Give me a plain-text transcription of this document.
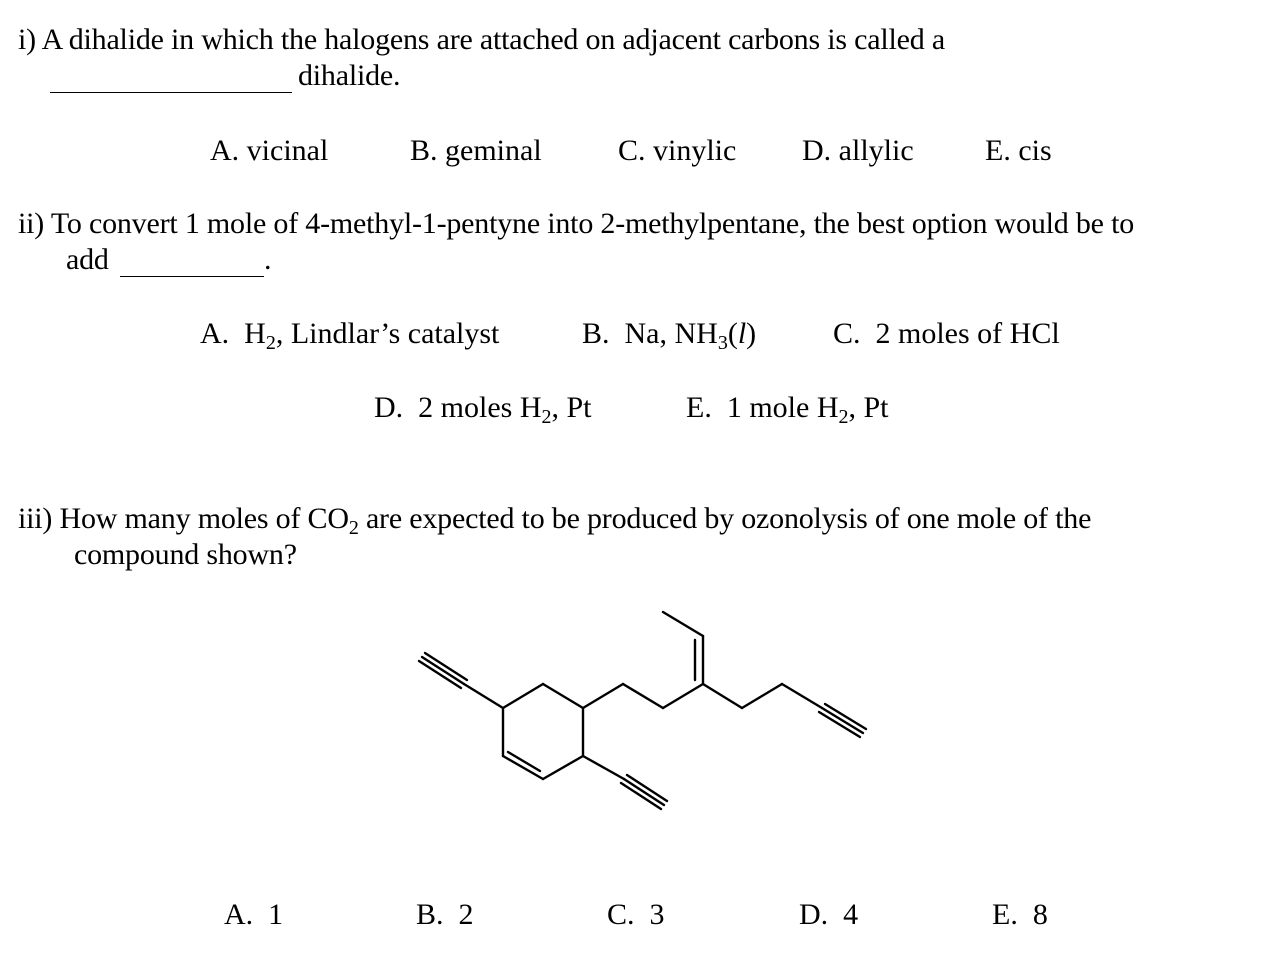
i) A dihalide in which the halogens are attached on adjacent carbons is called a
dihalide.
A. vicinal	B. geminal	C. vinylic D. allylic E. cis
ii) To convert 1 mole of 4-methyl-1-pentyne into 2-methylpentane, the best option would be to
add	.
A. $H_2$, Lindlar’s catalyst	B. Na, $NH_3(l)$	C. 2 moles of HCl
D. 2 moles $H_2$, Pt	E. 1 mole $H_2$, Pt
iii) How many moles of $CO_2$ are expected to be produced by ozonolysis of one mole of the
compound shown?
A. 1	B. 2	C. 3	D. 4	E. 8
